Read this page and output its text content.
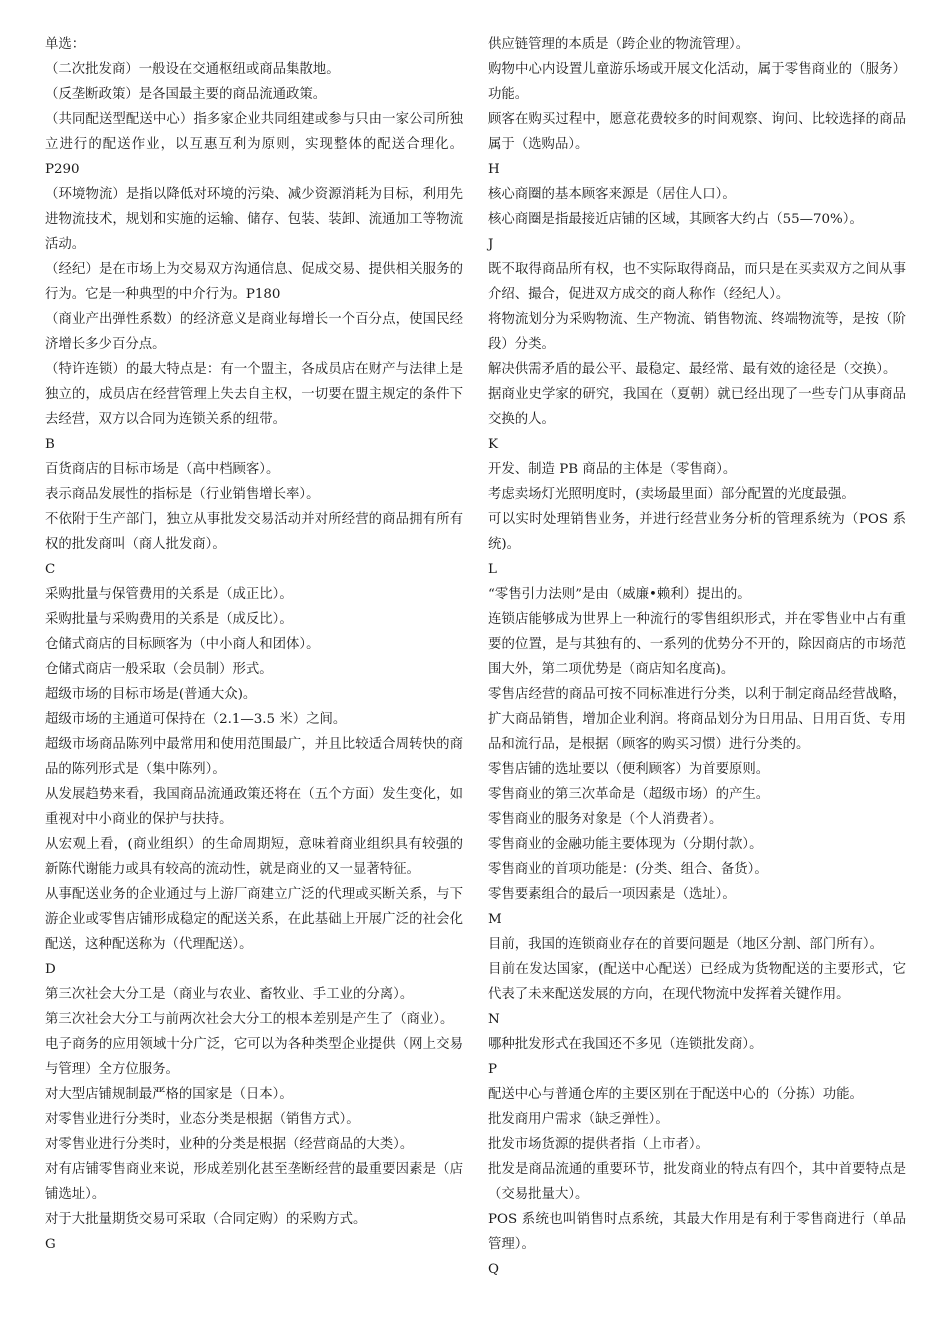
单选：
（二次批发商）一般设在交通枢纽或商品集散地。
（反垄断政策）是各国最主要的商品流通政策。
（共同配送型配送中心）指多家企业共同组建或参与只由一家公司所独立进行的配送作业，以互惠互利为原则，实现整体的配送合理化。P290
（环境物流）是指以降低对环境的污染、减少资源消耗为目标，利用先进物流技术，规划和实施的运输、储存、包装、装卸、流通加工等物流活动。
（经纪）是在市场上为交易双方沟通信息、促成交易、提供相关服务的行为。它是一种典型的中介行为。P180
（商业产出弹性系数）的经济意义是商业每增长一个百分点，使国民经济增长多少百分点。
（特许连锁）的最大特点是：有一个盟主，各成员店在财产与法律上是独立的，成员店在经营管理上失去自主权，一切要在盟主规定的条件下去经营，双方以合同为连锁关系的纽带。
B
百货商店的目标市场是（高中档顾客）。
表示商品发展性的指标是（行业销售增长率）。
不依附于生产部门，独立从事批发交易活动并对所经营的商品拥有所有权的批发商叫（商人批发商）。
C
采购批量与保管费用的关系是（成正比）。
采购批量与采购费用的关系是（成反比）。
仓储式商店的目标顾客为（中小商人和团体）。
仓储式商店一般采取（会员制）形式。
超级市场的目标市场是(普通大众)。
超级市场的主通道可保持在（2.1—3.5 米）之间。
超级市场商品陈列中最常用和使用范围最广，并且比较适合周转快的商品的陈列形式是（集中陈列）。
从发展趋势来看，我国商品流通政策还将在（五个方面）发生变化，如重视对中小商业的保护与扶持。
从宏观上看，(商业组织）的生命周期短，意味着商业组织具有较强的新陈代谢能力或具有较高的流动性，就是商业的又一显著特征。
从事配送业务的企业通过与上游厂商建立广泛的代理或买断关系，与下游企业或零售店铺形成稳定的配送关系，在此基础上开展广泛的社会化配送，这种配送称为（代理配送）。
D
第三次社会大分工是（商业与农业、畜牧业、手工业的分离）。
第三次社会大分工与前两次社会大分工的根本差别是产生了（商业）。
电子商务的应用领域十分广泛，它可以为各种类型企业提供（网上交易与管理）全方位服务。
对大型店铺规制最严格的国家是（日本）。
对零售业进行分类时，业态分类是根据（销售方式）。
对零售业进行分类时，业种的分类是根据（经营商品的大类）。
对有店铺零售商业来说，形成差别化甚至垄断经营的最重要因素是（店铺选址）。
对于大批量期货交易可采取（合同定购）的采购方式。
G
供应链管理的本质是（跨企业的物流管理）。
购物中心内设置儿童游乐场或开展文化活动，属于零售商业的（服务）功能。
顾客在购买过程中，愿意花费较多的时间观察、询问、比较选择的商品属于（选购品）。
H
核心商圈的基本顾客来源是（居住人口）。
核心商圈是指最接近店铺的区域，其顾客大约占（55—70%）。
J
既不取得商品所有权，也不实际取得商品，而只是在买卖双方之间从事介绍、撮合，促进双方成交的商人称作（经纪人）。
将物流划分为采购物流、生产物流、销售物流、终端物流等，是按（阶段）分类。
解决供需矛盾的最公平、最稳定、最经常、最有效的途径是（交换）。
据商业史学家的研究，我国在（夏朝）就已经出现了一些专门从事商品交换的人。
K
开发、制造 PB 商品的主体是（零售商）。
考虑卖场灯光照明度时，(卖场最里面）部分配置的光度最强。
可以实时处理销售业务，并进行经营业务分析的管理系统为（POS 系统)。
L
“零售引力法则”是由（威廉•赖利）提出的。
连锁店能够成为世界上一种流行的零售组织形式，并在零售业中占有重要的位置，是与其独有的、一系列的优势分不开的，除因商店的市场范围大外，第二项优势是（商店知名度高)。
零售店经营的商品可按不同标准进行分类，以利于制定商品经营战略，扩大商品销售，增加企业利润。将商品划分为日用品、日用百货、专用品和流行品，是根据（顾客的购买习惯）进行分类的。
零售店铺的选址要以（便利顾客）为首要原则。
零售商业的第三次革命是（超级市场）的产生。
零售商业的服务对象是（个人消费者）。
零售商业的金融功能主要体现为（分期付款）。
零售商业的首项功能是：(分类、组合、备货）。
零售要素组合的最后一项因素是（选址）。
M
目前，我国的连锁商业存在的首要问题是（地区分割、部门所有）。
目前在发达国家，(配送中心配送）已经成为货物配送的主要形式，它代表了未来配送发展的方向，在现代物流中发挥着关键作用。
N
哪种批发形式在我国还不多见（连锁批发商）。
P
配送中心与普通仓库的主要区别在于配送中心的（分拣）功能。
批发商用户需求（缺乏弹性）。
批发市场货源的提供者指（上市者）。
批发是商品流通的重要环节，批发商业的特点有四个，其中首要特点是（交易批量大）。
POS 系统也叫销售时点系统，其最大作用是有利于零售商进行（单品管理）。
Q
